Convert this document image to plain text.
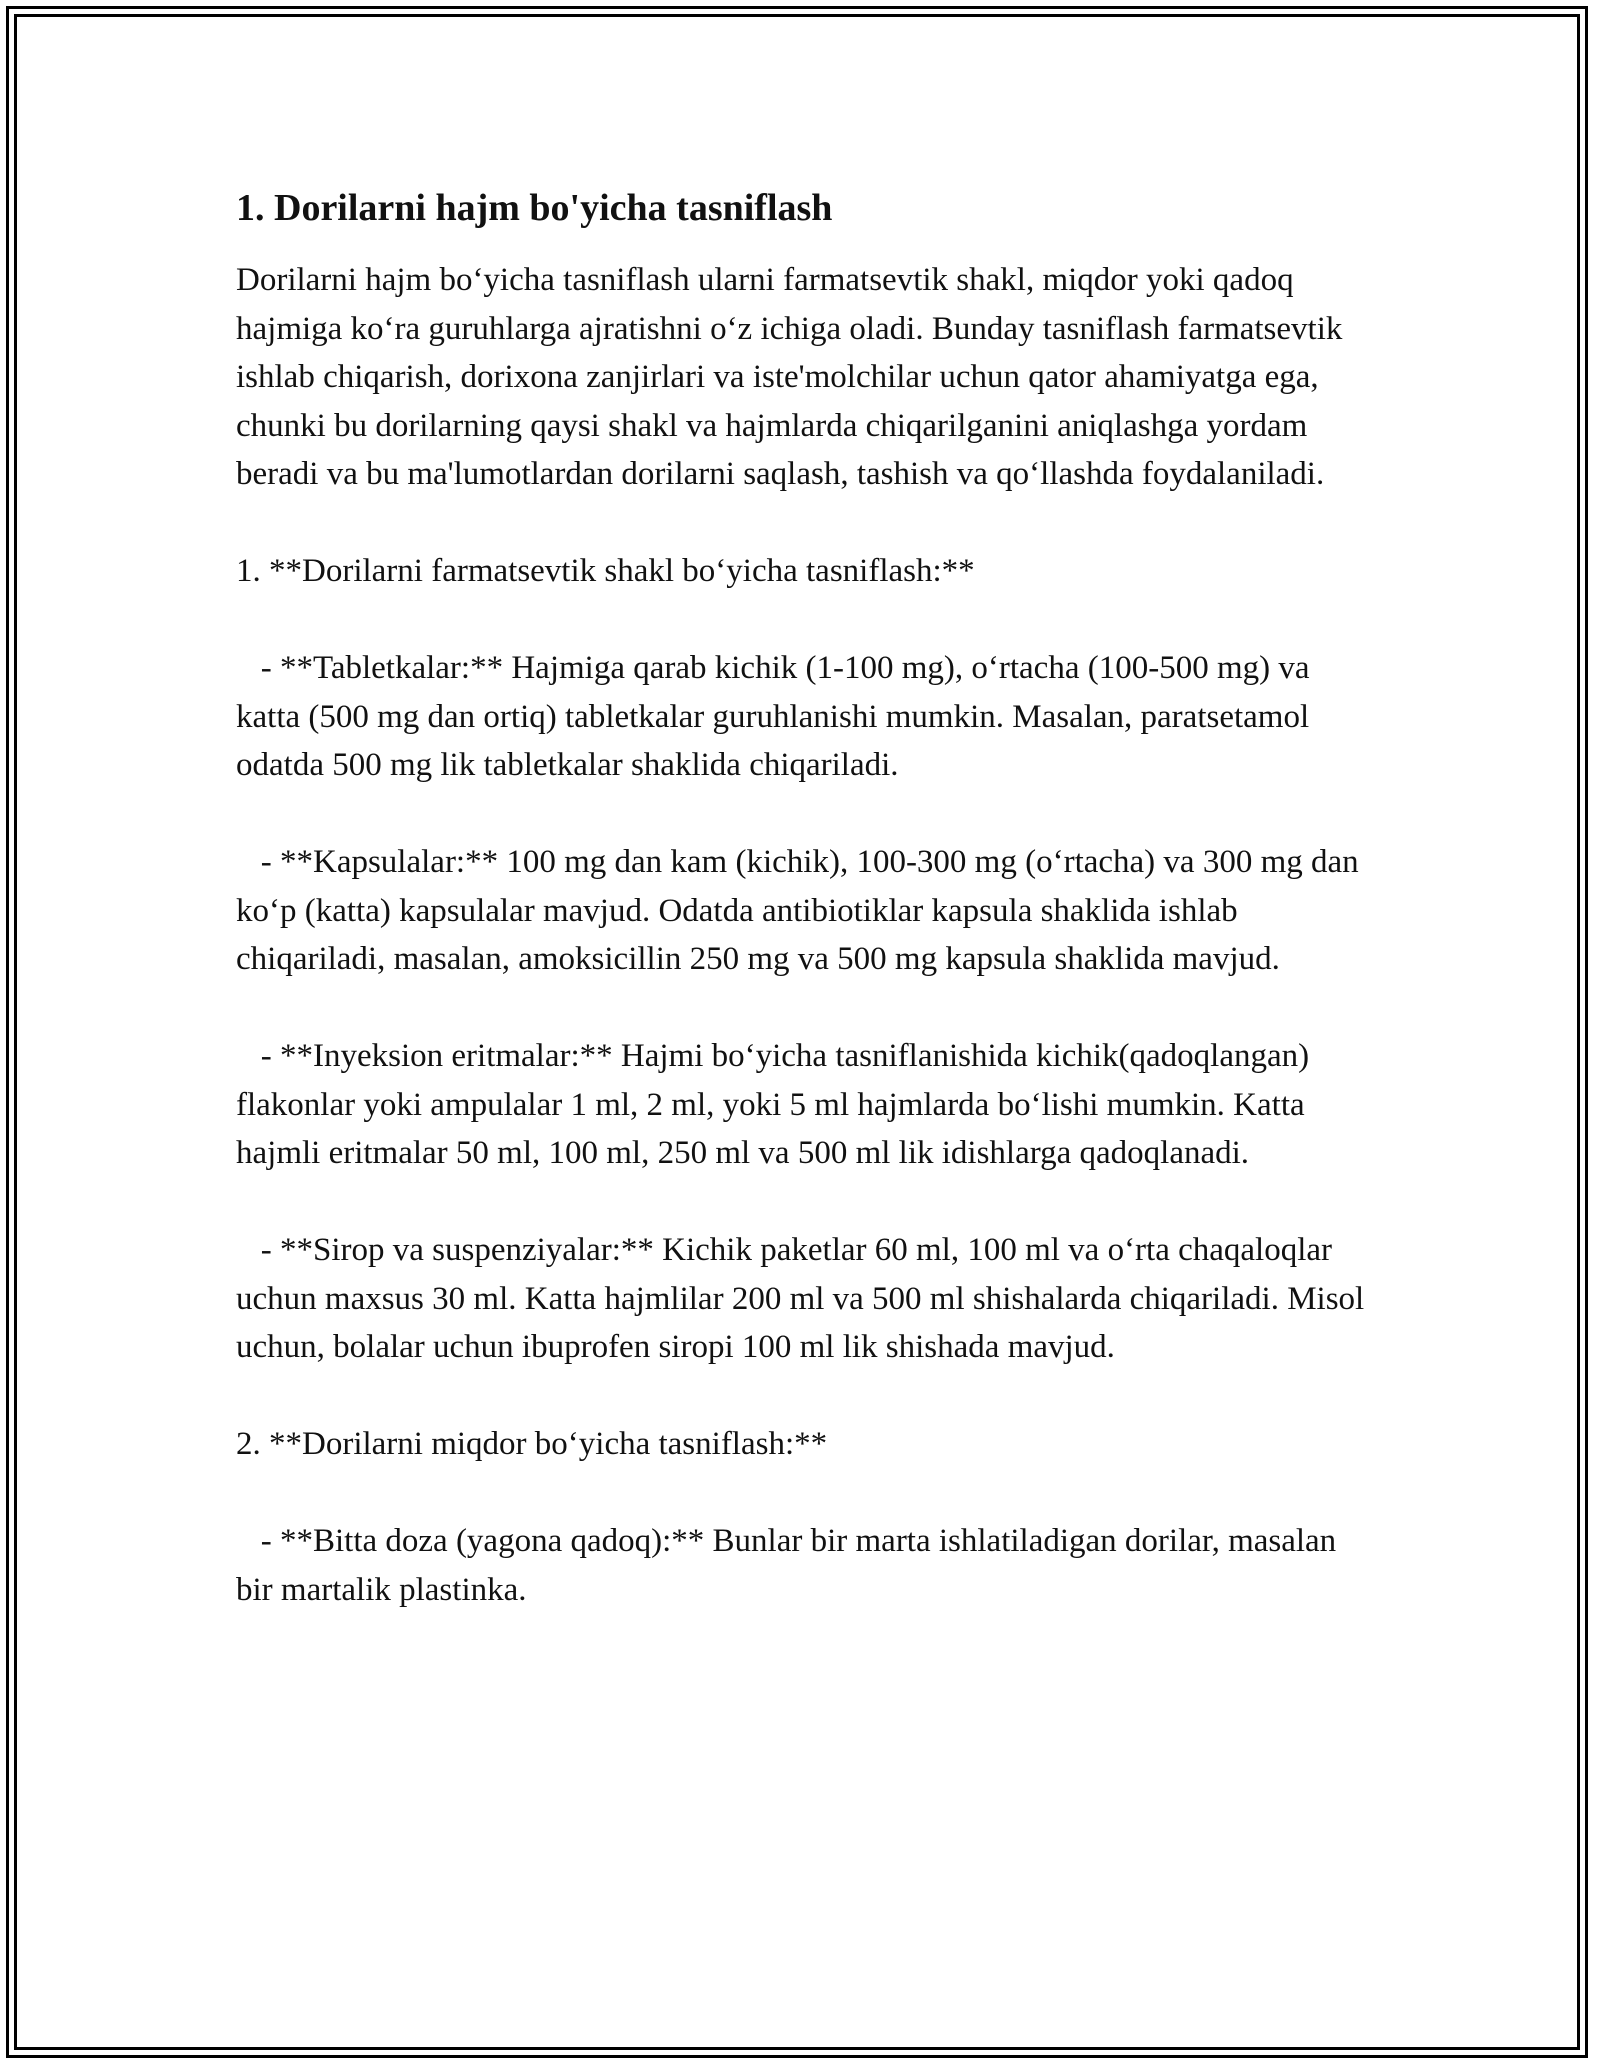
1. Dorilarni hajm bo'yicha tasniflash

Dorilarni hajm bo‘yicha tasniflash ularni farmatsevtik shakl, miqdor yoki qadoq hajmiga ko‘ra guruhlarga ajratishni o‘z ichiga oladi. Bunday tasniflash farmatsevtik ishlab chiqarish, dorixona zanjirlari va iste'molchilar uchun qator ahamiyatga ega, chunki bu dorilarning qaysi shakl va hajmlarda chiqarilganini aniqlashga yordam beradi va bu ma'lumotlardan dorilarni saqlash, tashish va qo‘llashda foydalaniladi.

1. **Dorilarni farmatsevtik shakl bo‘yicha tasniflash:**

- **Tabletkalar:** Hajmiga qarab kichik (1-100 mg), o‘rtacha (100-500 mg) va katta (500 mg dan ortiq) tabletkalar guruhlanishi mumkin. Masalan, paratsetamol odatda 500 mg lik tabletkalar shaklida chiqariladi.

- **Kapsulalar:** 100 mg dan kam (kichik), 100-300 mg (o‘rtacha) va 300 mg dan ko‘p (katta) kapsulalar mavjud. Odatda antibiotiklar kapsula shaklida ishlab chiqariladi, masalan, amoksicillin 250 mg va 500 mg kapsula shaklida mavjud.

- **Inyeksion eritmalar:** Hajmi bo‘yicha tasniflanishida kichik(qadoqlangan) flakonlar yoki ampulalar 1 ml, 2 ml, yoki 5 ml hajmlarda bo‘lishi mumkin. Katta hajmli eritmalar 50 ml, 100 ml, 250 ml va 500 ml lik idishlarga qadoqlanadi.

- **Sirop va suspenziyalar:** Kichik paketlar 60 ml, 100 ml va o‘rta chaqaloqlar uchun maxsus 30 ml. Katta hajmlilar 200 ml va 500 ml shishalarda chiqariladi. Misol uchun, bolalar uchun ibuprofen siropi 100 ml lik shishada mavjud.

2. **Dorilarni miqdor bo‘yicha tasniflash:**

- **Bitta doza (yagona qadoq):** Bunlar bir marta ishlatiladigan dorilar, masalan bir martalik plastinka.
